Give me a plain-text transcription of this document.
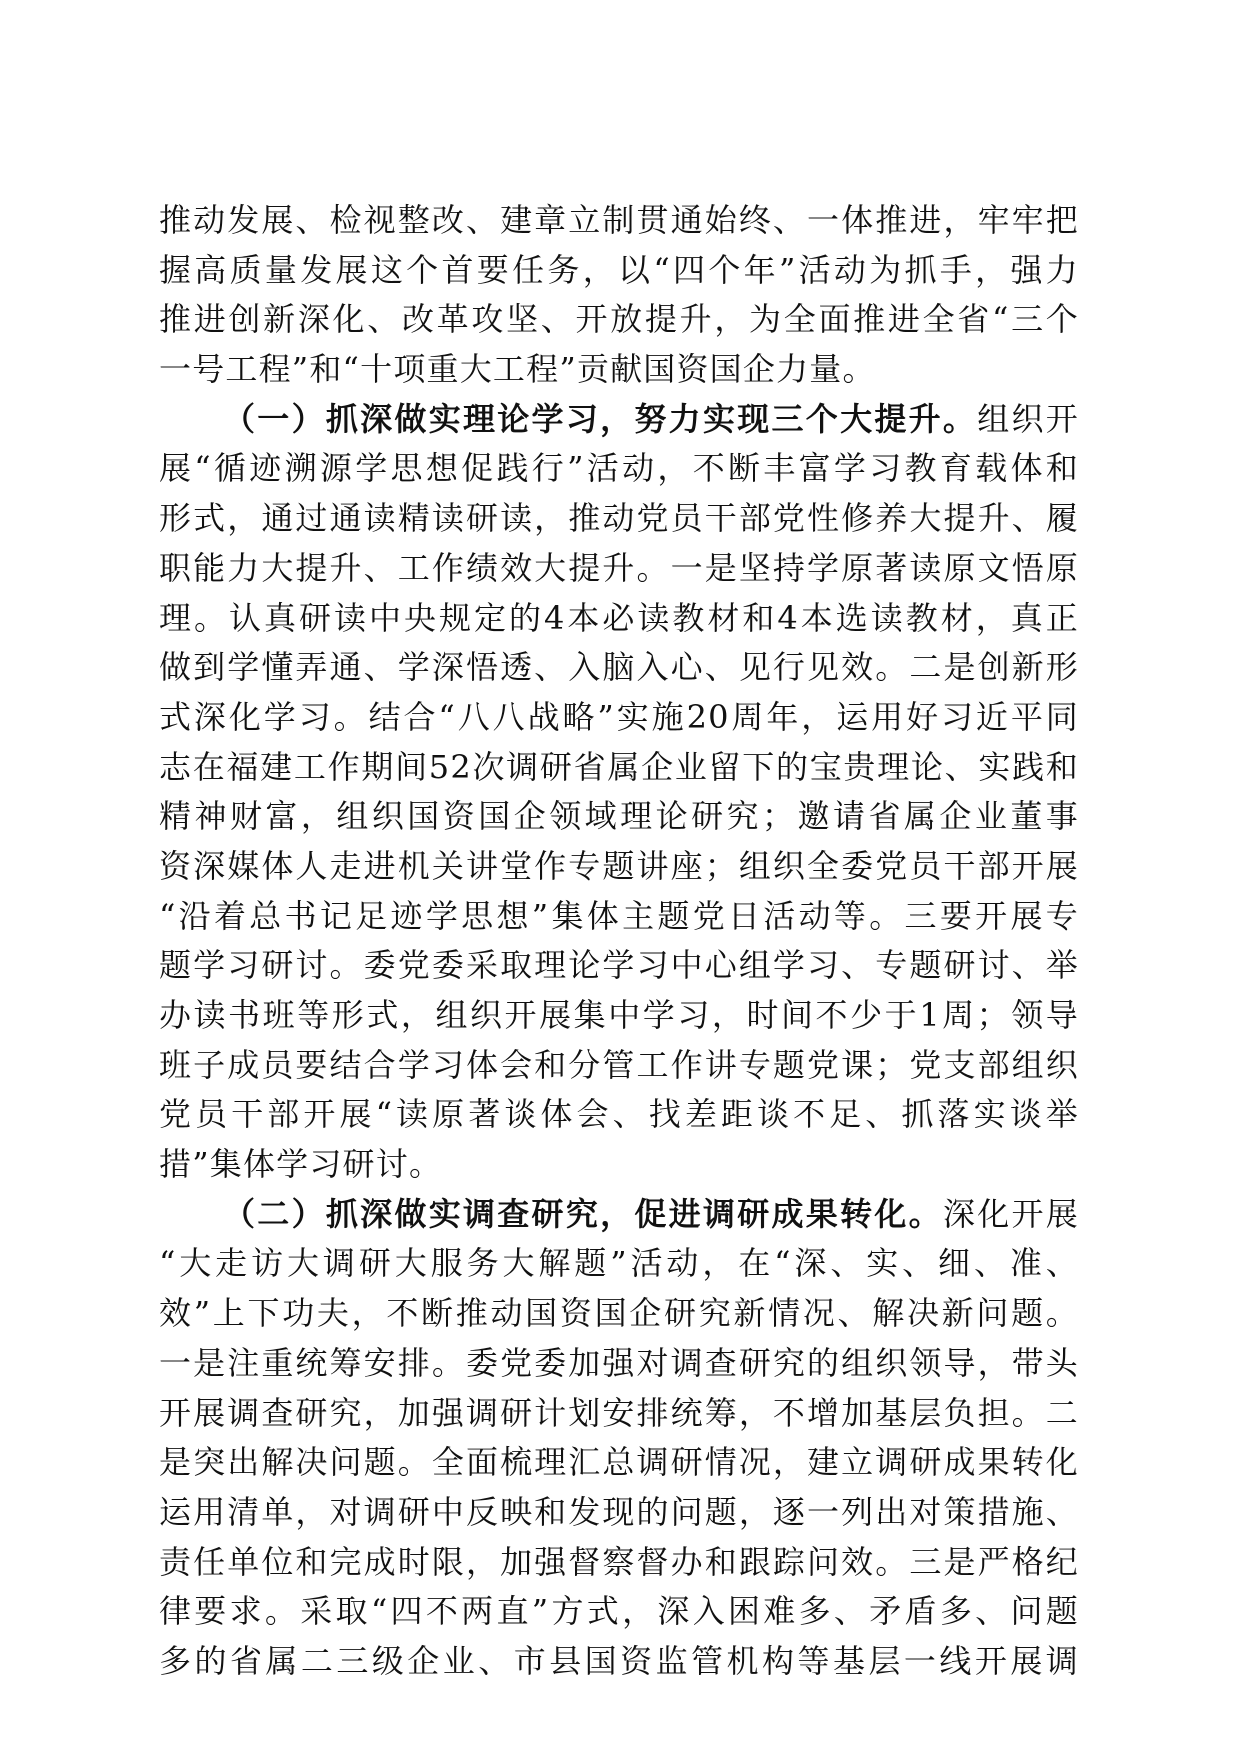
推动发展、检视整改、建章立制贯通始终、一体推进，牢牢把
握高质量发展这个首要任务，以“四个年”活动为抓手，强力
推进创新深化、改革攻坚、开放提升，为全面推进全省“三个
一号工程”和“十项重大工程”贡献国资国企力量。
（一）抓深做实理论学习，努力实现三个大提升。组织开
展“循迹溯源学思想促践行”活动，不断丰富学习教育载体和
形式，通过通读精读研读，推动党员干部党性修养大提升、履
职能力大提升、工作绩效大提升。一是坚持学原著读原文悟原
理。认真研读中央规定的4本必读教材和4本选读教材，真正
做到学懂弄通、学深悟透、入脑入心、见行见效。二是创新形
式深化学习。结合“八八战略”实施20周年，运用好习近平同
志在福建工作期间52次调研省属企业留下的宝贵理论、实践和
精神财富，组织国资国企领域理论研究；邀请省属企业董事
资深媒体人走进机关讲堂作专题讲座；组织全委党员干部开展
“沿着总书记足迹学思想”集体主题党日活动等。三要开展专
题学习研讨。委党委采取理论学习中心组学习、专题研讨、举
办读书班等形式，组织开展集中学习，时间不少于1周；领导
班子成员要结合学习体会和分管工作讲专题党课；党支部组织
党员干部开展“读原著谈体会、找差距谈不足、抓落实谈举
措”集体学习研讨。
（二）抓深做实调查研究，促进调研成果转化。深化开展
“大走访大调研大服务大解题”活动，在“深、实、细、准、
效”上下功夫，不断推动国资国企研究新情况、解决新问题。
一是注重统筹安排。委党委加强对调查研究的组织领导，带头
开展调查研究，加强调研计划安排统筹，不增加基层负担。二
是突出解决问题。全面梳理汇总调研情况，建立调研成果转化
运用清单，对调研中反映和发现的问题，逐一列出对策措施、
责任单位和完成时限，加强督察督办和跟踪问效。三是严格纪
律要求。采取“四不两直”方式，深入困难多、矛盾多、问题
多的省属二三级企业、市县国资监管机构等基层一线开展调
